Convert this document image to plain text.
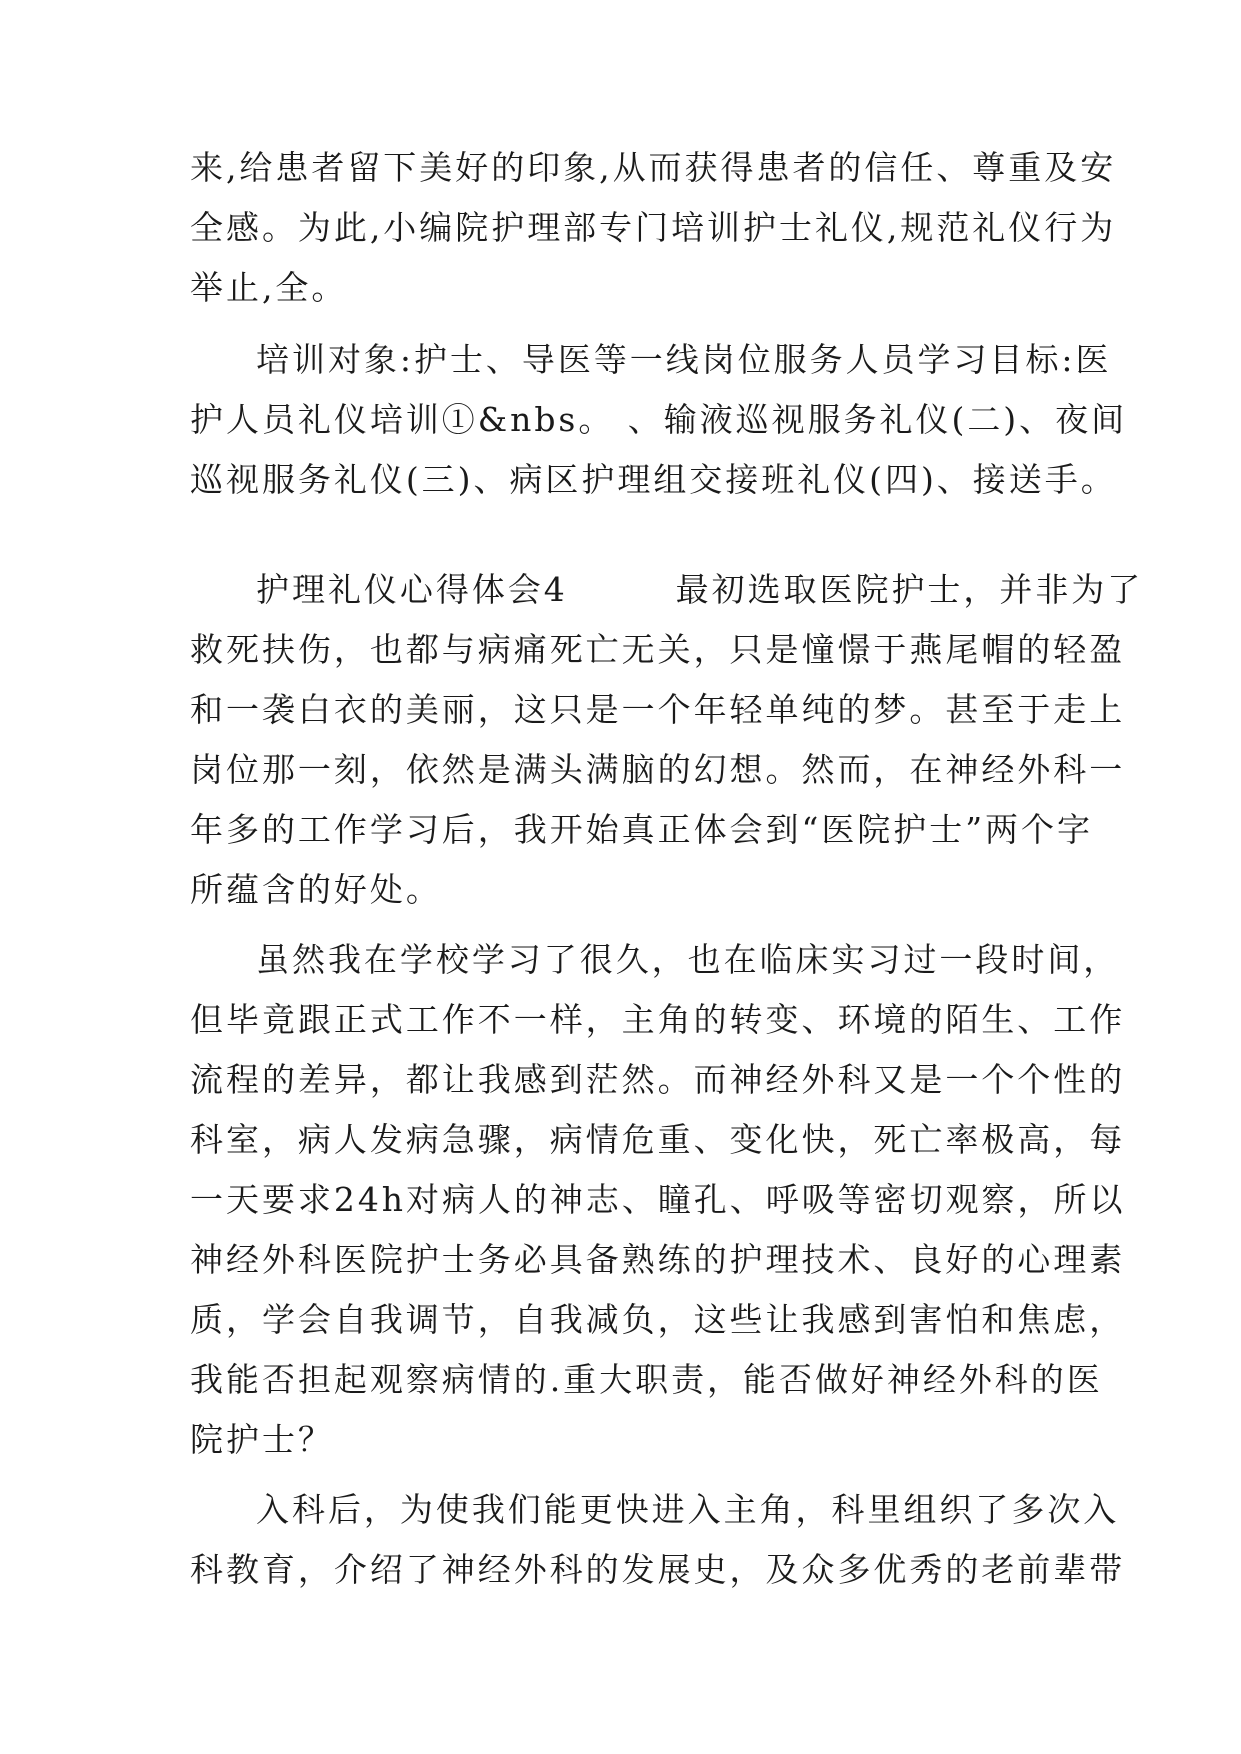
来,给患者留下美好的印象,从而获得患者的信任、尊重及安
全感。为此,小编院护理部专门培训护士礼仪,规范礼仪行为
举止,全。
培训对象:护士、导医等一线岗位服务人员学习目标:医
护人员礼仪培训①&nbs。 、输液巡视服务礼仪(二)、夜间
巡视服务礼仪(三)、病区护理组交接班礼仪(四)、接送手。
护理礼仪心得体会4　　　最初选取医院护士，并非为了
救死扶伤，也都与病痛死亡无关，只是憧憬于燕尾帽的轻盈
和一袭白衣的美丽，这只是一个年轻单纯的梦。甚至于走上
岗位那一刻，依然是满头满脑的幻想。然而，在神经外科一
年多的工作学习后，我开始真正体会到“医院护士”两个字
所蕴含的好处。
虽然我在学校学习了很久，也在临床实习过一段时间，
但毕竟跟正式工作不一样，主角的转变、环境的陌生、工作
流程的差异，都让我感到茫然。而神经外科又是一个个性的
科室，病人发病急骤，病情危重、变化快，死亡率极高，每
一天要求24h对病人的神志、瞳孔、呼吸等密切观察，所以
神经外科医院护士务必具备熟练的护理技术、良好的心理素
质，学会自我调节，自我减负，这些让我感到害怕和焦虑，
我能否担起观察病情的.重大职责，能否做好神经外科的医
院护士？
入科后，为使我们能更快进入主角，科里组织了多次入
科教育，介绍了神经外科的发展史，及众多优秀的老前辈带
